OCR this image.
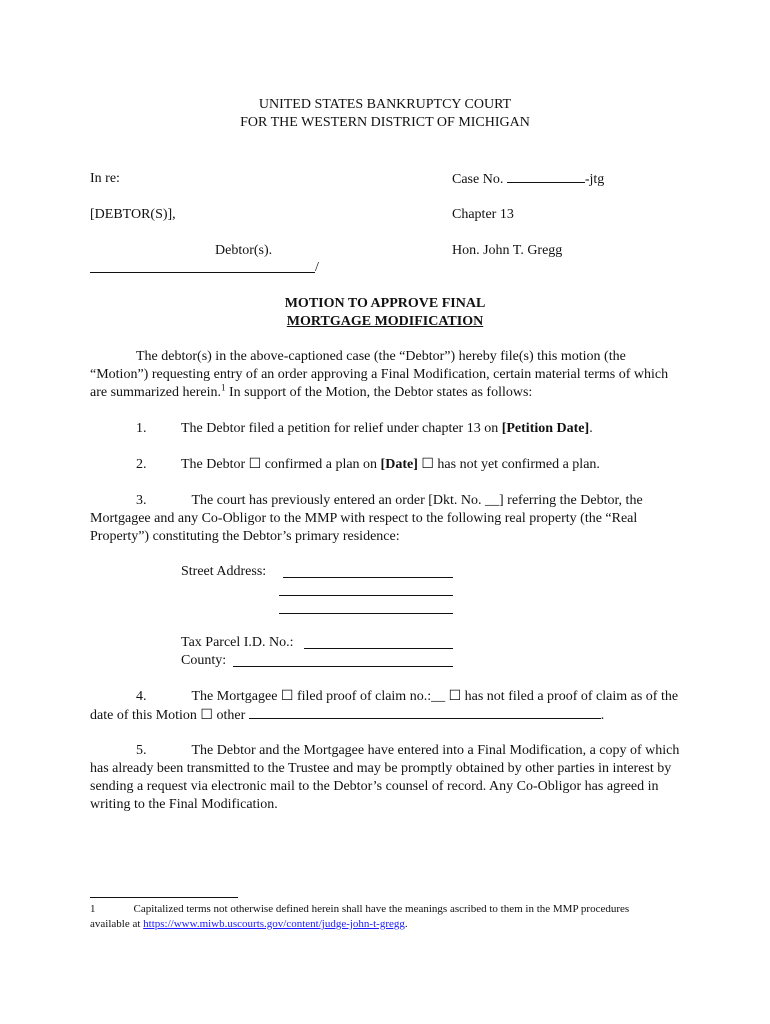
UNITED STATES BANKRUPTCY COURT
FOR THE WESTERN DISTRICT OF MICHIGAN
In re:
[DEBTOR(S)],
Debtor(s).
/
Case No.	-jtg
Chapter 13
Hon. John T. Gregg
MOTION TO APPROVE FINAL
MORTGAGE MODIFICATION
The debtor(s) in the above-captioned case (the “Debtor”) hereby file(s) this motion (the “Motion”) requesting entry of an order approving a Final Modification, certain material terms of which are summarized herein.$^1$ In support of the Motion, the Debtor states as follows:
1. The Debtor filed a petition for relief under chapter 13 on [Petition Date].
2. The Debtor ☐ confirmed a plan on [Date] ☐ has not yet confirmed a plan.
3.	The court has previously entered an order [Dkt. No. __] referring the Debtor, the Mortgagee and any Co-Obligor to the MMP with respect to the following real property (the “Real Property”) constituting the Debtor’s primary residence:
Street Address:
Tax Parcel I.D. No.:
County:
4.	The Mortgagee ☐ filed proof of claim no.:__ ☐ has not filed a proof of claim as of the date of this Motion ☐ other	.
5.	The Debtor and the Mortgagee have entered into a Final Modification, a copy of which has already been transmitted to the Trustee and may be promptly obtained by other parties in interest by sending a request via electronic mail to the Debtor’s counsel of record. Any Co-Obligor has agreed in writing to the Final Modification.
1	Capitalized terms not otherwise defined herein shall have the meanings ascribed to them in the MMP procedures available at https://www.miwb.uscourts.gov/content/judge-john-t-gregg.
